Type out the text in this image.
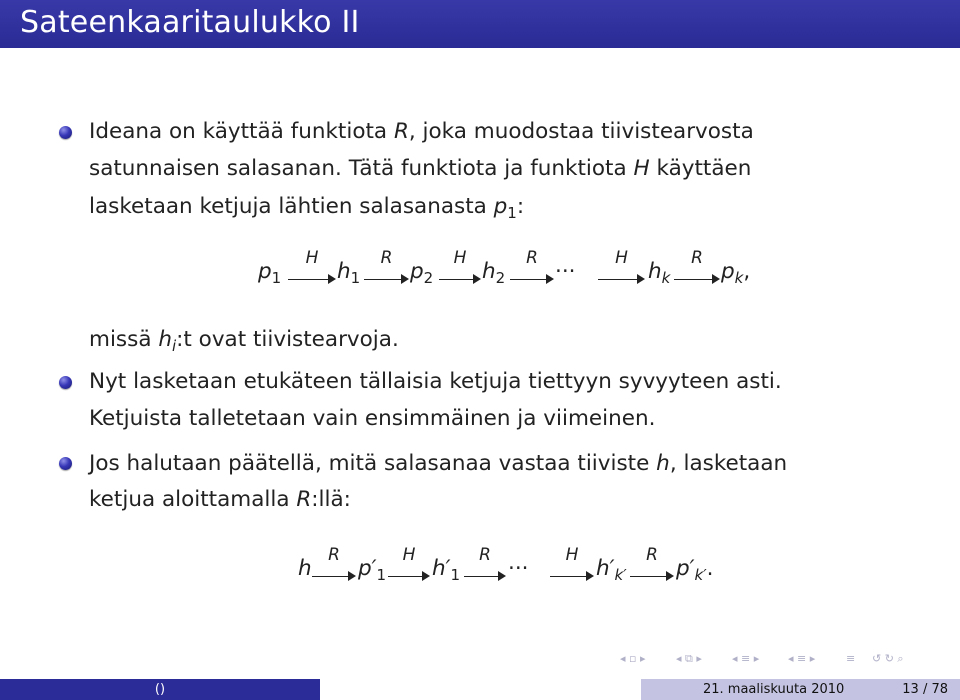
Sateenkaaritaulukko II
Ideana on käyttää funktiota R, joka muodostaa tiivistearvosta
satunnaisen salasanan. Tätä funktiota ja funktiota H käyttäen
lasketaan ketjuja lähtien salasanasta $p_1$:
$p_1$
H
$h_1$
R
$p_2$
H
$h_2$
R
···
H
$h_k$
R
$p_k$,
missä $h_i:t$ ovat tiivistearvoja.
Nyt lasketaan etukäteen tällaisia ketjuja tiettyyn syvyyteen asti.
Ketjuista talletetaan vain ensimmäinen ja viimeinen.
Jos halutaan päätellä, mitä salasanaa vastaa tiiviste h, lasketaan
ketjua aloittamalla R:llä:
h
R
$p'_1$
H
$h'_1$
R
···
H
$h'_{k'}$
R
$p'_{k'}$.
◂ ▫ ▸	◂ ⧉ ▸	◂ ≡ ▸	◂ ≡ ▸	≡ ↺ ↻ ⌕
()	21. maaliskuuta 2010	13 / 78
